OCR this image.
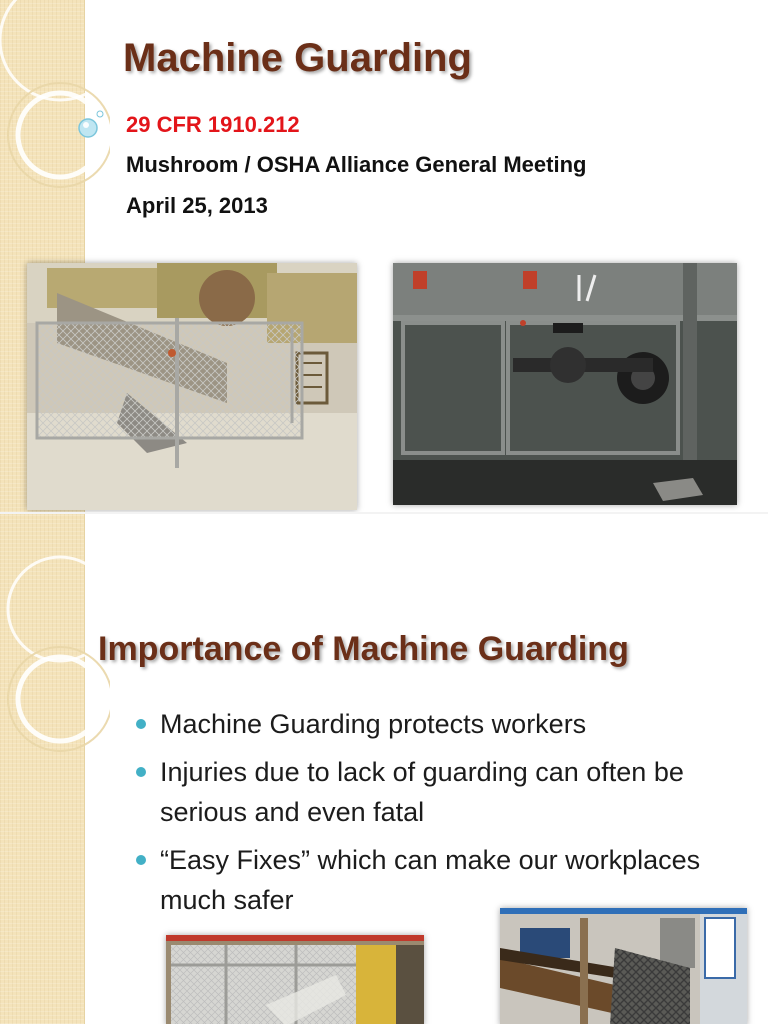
Machine Guarding
29 CFR 1910.212
Mushroom / OSHA Alliance General Meeting
April 25, 2013
Importance of Machine Guarding
Machine Guarding protects workers
Injuries due to lack of guarding can often be serious and even fatal
“Easy Fixes” which can make our workplaces much safer
